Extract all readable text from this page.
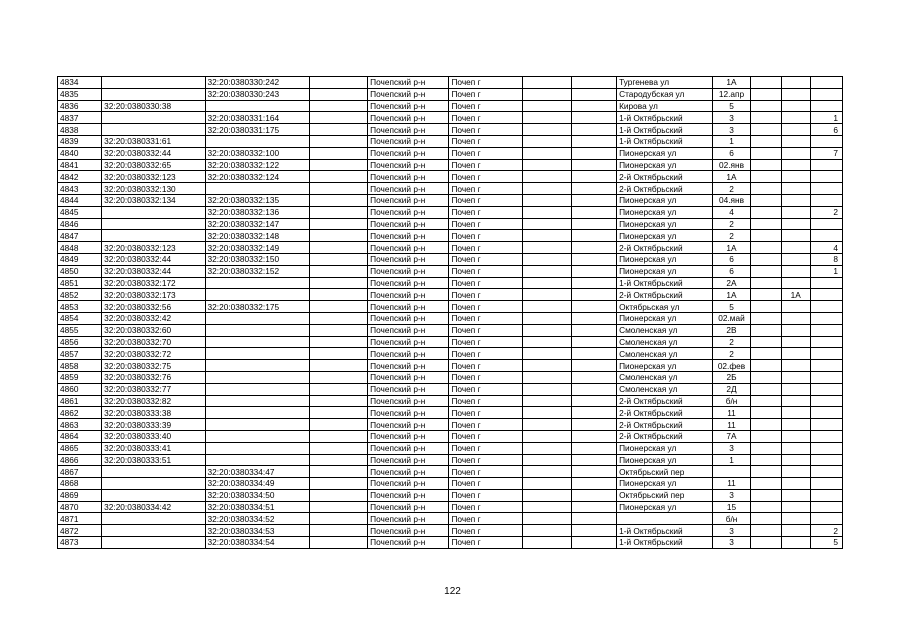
4834		32:20:0380330:242		Почепский р-н	Почеп г			Тургенева ул	1А			
4835		32:20:0380330:243		Почепский р-н	Почеп г			Стародубская ул	12.апр			
4836	32:20:0380330:38			Почепский р-н	Почеп г			Кирова ул	5			
4837		32:20:0380331:164		Почепский р-н	Почеп г			1-й Октябрьский	3			1
4838		32:20:0380331:175		Почепский р-н	Почеп г			1-й Октябрьский	3			6
4839	32:20:0380331:61			Почепский р-н	Почеп г			1-й Октябрьский	1			
4840	32:20:0380332:44	32:20:0380332:100		Почепский р-н	Почеп г			Пионерская ул	6			7
4841	32:20:0380332:65	32:20:0380332:122		Почепский р-н	Почеп г			Пионерская ул	02.янв			
4842	32:20:0380332:123	32:20:0380332:124		Почепский р-н	Почеп г			2-й Октябрьский	1А			
4843	32:20:0380332:130			Почепский р-н	Почеп г			2-й Октябрьский	2			
4844	32:20:0380332:134	32:20:0380332:135		Почепский р-н	Почеп г			Пионерская ул	04.янв			
4845		32:20:0380332:136		Почепский р-н	Почеп г			Пионерская ул	4			2
4846		32:20:0380332:147		Почепский р-н	Почеп г			Пионерская ул	2			
4847		32:20:0380332:148		Почепский р-н	Почеп г			Пионерская ул	2			
4848	32:20:0380332:123	32:20:0380332:149		Почепский р-н	Почеп г			2-й Октябрьский	1А			4
4849	32:20:0380332:44	32:20:0380332:150		Почепский р-н	Почеп г			Пионерская ул	6			8
4850	32:20:0380332:44	32:20:0380332:152		Почепский р-н	Почеп г			Пионерская ул	6			1
4851	32:20:0380332:172			Почепский р-н	Почеп г			1-й Октябрьский	2А			
4852	32:20:0380332:173			Почепский р-н	Почеп г			2-й Октябрьский	1А		1А	
4853	32:20:0380332:56	32:20:0380332:175		Почепский р-н	Почеп г			Октябрьская ул	5			
4854	32:20:0380332:42			Почепский р-н	Почеп г			Пионерская ул	02.май			
4855	32:20:0380332:60			Почепский р-н	Почеп г			Смоленская ул	2В			
4856	32:20:0380332:70			Почепский р-н	Почеп г			Смоленская ул	2			
4857	32:20:0380332:72			Почепский р-н	Почеп г			Смоленская ул	2			
4858	32:20:0380332:75			Почепский р-н	Почеп г			Пионерская ул	02.фев			
4859	32:20:0380332:76			Почепский р-н	Почеп г			Смоленская ул	2Б			
4860	32:20:0380332:77			Почепский р-н	Почеп г			Смоленская ул	2Д			
4861	32:20:0380332:82			Почепский р-н	Почеп г			2-й Октябрьский	б/н			
4862	32:20:0380333:38			Почепский р-н	Почеп г			2-й Октябрьский	11			
4863	32:20:0380333:39			Почепский р-н	Почеп г			2-й Октябрьский	11			
4864	32:20:0380333:40			Почепский р-н	Почеп г			2-й Октябрьский	7А			
4865	32:20:0380333:41			Почепский р-н	Почеп г			Пионерская ул	3			
4866	32:20:0380333:51			Почепский р-н	Почеп г			Пионерская ул	1			
4867		32:20:0380334:47		Почепский р-н	Почеп г			Октябрьский пер				
4868		32:20:0380334:49		Почепский р-н	Почеп г			Пионерская ул	11			
4869		32:20:0380334:50		Почепский р-н	Почеп г			Октябрьский пер	3			
4870	32:20:0380334:42	32:20:0380334:51		Почепский р-н	Почеп г			Пионерская ул	15			
4871		32:20:0380334:52		Почепский р-н	Почеп г				б/н			
4872		32:20:0380334:53		Почепский р-н	Почеп г			1-й Октябрьский	3			2
4873		32:20:0380334:54		Почепский р-н	Почеп г			1-й Октябрьский	3			5
122
